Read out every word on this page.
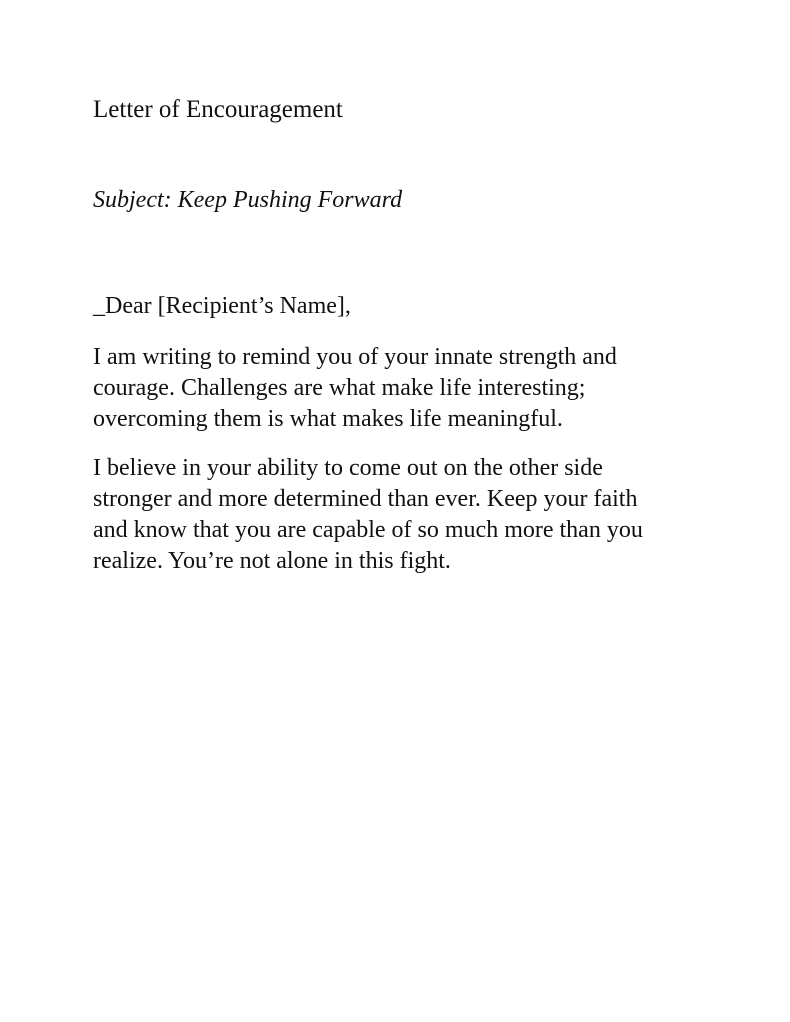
Letter of Encouragement
Subject: Keep Pushing Forward
_Dear [Recipient’s Name],
I am writing to remind you of your innate strength and
courage. Challenges are what make life interesting;
overcoming them is what makes life meaningful.
I believe in your ability to come out on the other side
stronger and more determined than ever. Keep your faith
and know that you are capable of so much more than you
realize. You’re not alone in this fight.
